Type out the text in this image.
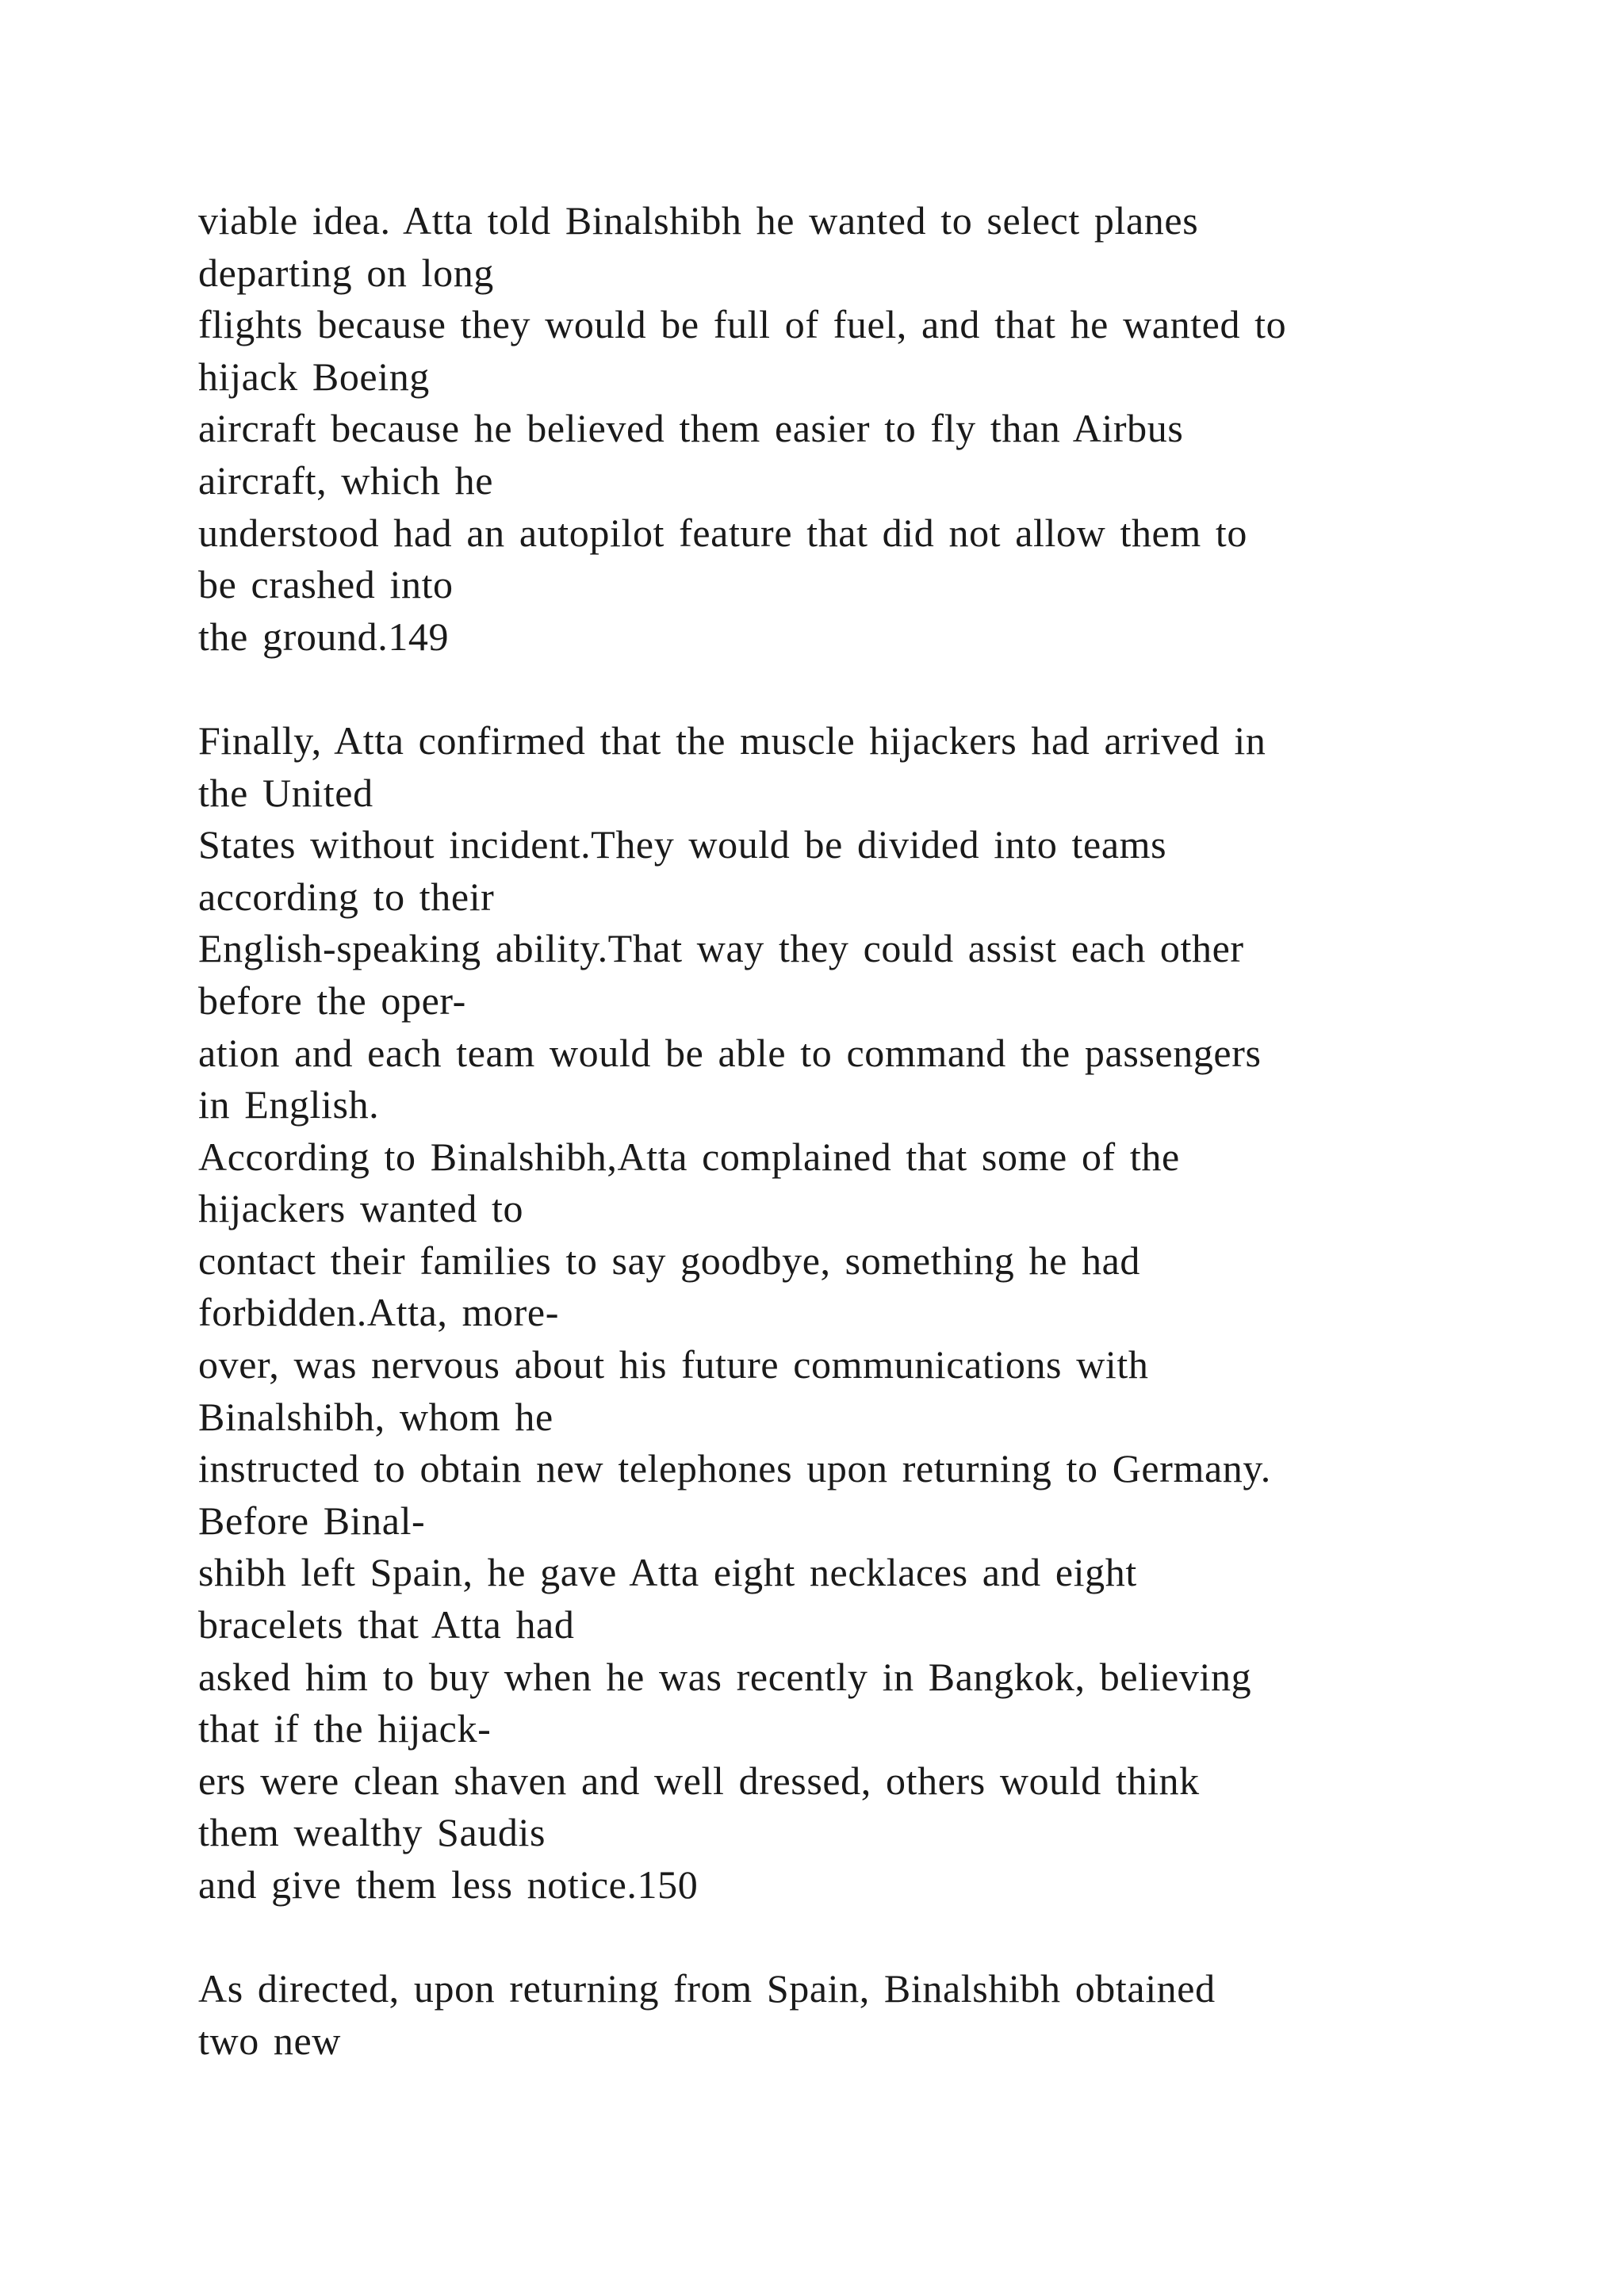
viable idea. Atta told Binalshibh he wanted to select planes
departing on long
flights because they would be full of fuel, and that he wanted to
hijack Boeing
aircraft because he believed them easier to fly than Airbus
aircraft, which he
understood had an autopilot feature that did not allow them to
be crashed into
the ground.149
Finally, Atta confirmed that the muscle hijackers had arrived in
the United
States without incident.They would be divided into teams
according to their
English-speaking ability.That way they could assist each other
before the oper-
ation and each team would be able to command the passengers
in English.
According to Binalshibh,Atta complained that some of the
hijackers wanted to
contact their families to say goodbye, something he had
forbidden.Atta, more-
over, was nervous about his future communications with
Binalshibh, whom he
instructed to obtain new telephones upon returning to Germany.
Before Binal-
shibh left Spain, he gave Atta eight necklaces and eight
bracelets that Atta had
asked him to buy when he was recently in Bangkok, believing
that if the hijack-
ers were clean shaven and well dressed, others would think
them wealthy Saudis
and give them less notice.150
As directed, upon returning from Spain, Binalshibh obtained
two new
